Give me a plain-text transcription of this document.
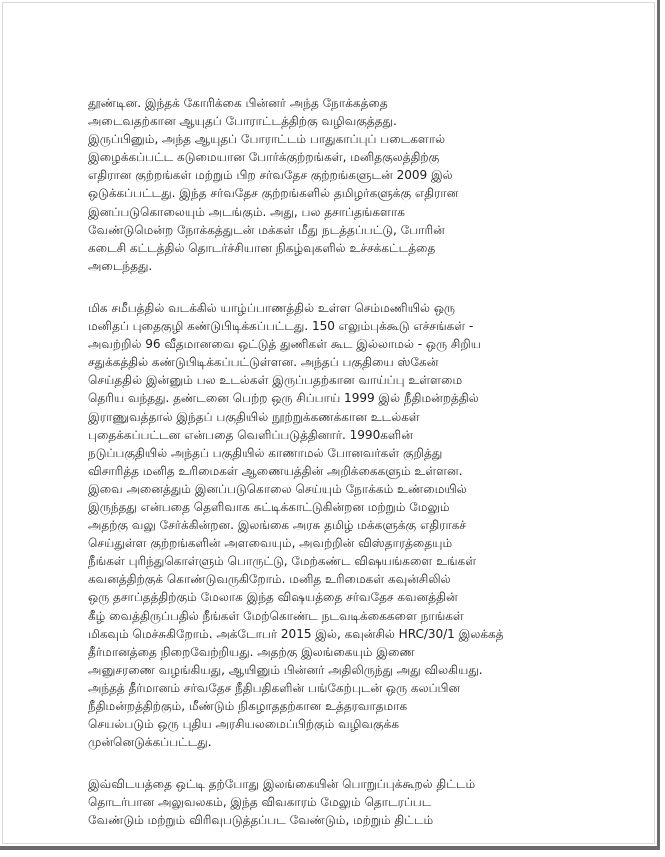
தூண்டின. இந்தக் கோரிக்கை பின்னர் அந்த நோக்கத்தை
அடைவதற்கான ஆயுதப் போராட்டத்திற்கு வழிவகுத்தது.
இருப்பினும், அந்த ஆயுதப் போராட்டம் பாதுகாப்புப் படைகளால்
இழைக்கப்பட்ட கடுமையான போர்க்குற்றங்கள், மனிதகுலத்திற்கு
எதிரான குற்றங்கள் மற்றும் பிற சர்வதேச குற்றங்களுடன் 2009 இல்
ஒடுக்கப்பட்டது. இந்த சர்வதேச குற்றங்களில் தமிழர்களுக்கு எதிரான
இனப்படுகொலையும் அடங்கும். அது, பல தசாப்தங்களாக
வேண்டுமென்ற நோக்கத்துடன் மக்கள் மீது நடத்தப்பட்டு, போரின்
கடைசி கட்டத்தில் தொடர்ச்சியான நிகழ்வுகளில் உச்சக்கட்டத்தை
அடைந்தது.
மிக சமீபத்தில் வடக்கில் யாழ்ப்பாணத்தில் உள்ள செம்மணியில் ஒரு
மனிதப் புதைகுழி கண்டுபிடிக்கப்பட்டது. 150 எலும்புக்கூடு எச்சங்கள் -
அவற்றில் 96 வீதமானவை ஒட்டுத் துணிகள் கூட இல்லாமல் - ஒரு சிறிய
சதுக்கத்தில் கண்டுபிடிக்கப்பட்டுள்ளன. அந்தப் பகுதியை ஸ்கேன்
செய்ததில் இன்னும் பல உடல்கள் இருப்பதற்கான வாய்ப்பு உள்ளமை
தெரிய வந்தது. தண்டனை பெற்ற ஒரு சிப்பாய் 1999 இல் நீதிமன்றத்தில்
இராணுவத்தால் இந்தப் பகுதியில் நூற்றுக்கணக்கான உடல்கள்
புதைக்கப்பட்டன என்பதை வெளிப்படுத்தினார். 1990களின்
நடுப்பகுதியில் அந்தப் பகுதியில் காணாமல் போனவர்கள் குறித்து
விசாரித்த மனித உரிமைகள் ஆணையத்தின் அறிக்கைகளும் உள்ளன.
இவை அனைத்தும் இனப்படுகொலை செய்யும் நோக்கம் உண்மையில்
இருந்தது என்பதை தெளிவாக சுட்டிக்காட்டுகின்றன மற்றும் மேலும்
அதற்கு வலு சேர்க்கின்றன. இலங்கை அரசு தமிழ் மக்களுக்கு எதிராகச்
செய்துள்ள குற்றங்களின் அளவையும், அவற்றின் விஸ்தாரத்தையும்
நீங்கள் புரிந்துகொள்ளும் பொருட்டு, மேற்கண்ட விஷயங்களை உங்கள்
கவனத்திற்குக் கொண்டுவருகிறோம். மனித உரிமைகள் கவுன்சிலில்
ஒரு தசாப்தத்திற்கும் மேலாக இந்த விஷயத்தை சர்வதேச கவனத்தின்
கீழ் வைத்திருப்பதில் நீங்கள் மேற்கொண்ட நடவடிக்கைகளை நாங்கள்
மிகவும் மெச்சுகிறோம். அக்டோபர் 2015 இல், கவுன்சில் HRC/30/1 இலக்கத்
தீர்மானத்தை நிறைவேற்றியது. அதற்கு இலங்கையும் இணை
அனுசரணை வழங்கியது, ஆயினும் பின்னர் அதிலிருந்து அது விலகியது.
அந்தத் தீர்மானம் சர்வதேச நீதிபதிகளின் பங்கேற்புடன் ஒரு கலப்பின
நீதிமன்றத்திற்கும், மீண்டும் நிகழாததற்கான உத்தரவாதமாக
செயல்படும் ஒரு புதிய அரசியலமைப்பிற்கும் வழிவகுக்க
முன்னெடுக்கப்பட்டது.
இவ்விடயத்தை ஒட்டி தற்போது இலங்கையின் பொறுப்புக்கூறல் திட்டம்
தொடர்பான அலுவலகம், இந்த விவகாரம் மேலும் தொடரப்பட
வேண்டும் மற்றும் விரிவுபடுத்தப்பட வேண்டும், மற்றும் திட்டம்
